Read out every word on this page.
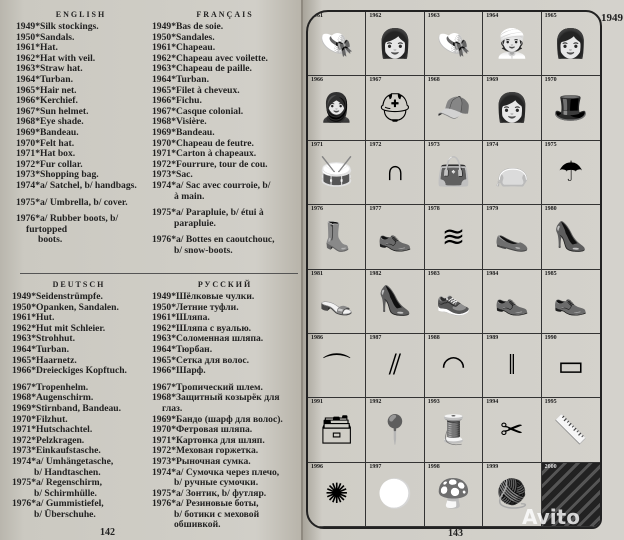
ENGLISH
1949*Silk stockings.
1950*Sandals.
1961*Hat.
1962*Hat with veil.
1963*Straw hat.
1964*Turban.
1965*Hair net.
1966*Kerchief.
1967*Sun helmet.
1968*Eye shade.
1969*Bandeau.
1970*Felt hat.
1971*Hat box.
1972*Fur collar.
1973*Shopping bag.
1974*a/ Satchel, b/ handbags.
1975*a/ Umbrella, b/ cover.
1976*a/ Rubber boots, b/ furtopped
boots.
FRANÇAIS
1949*Bas de soie.
1950*Sandales.
1961*Chapeau.
1962*Chapeau avec voilette.
1963*Chapeau de paille.
1964*Turban.
1965*Filet à cheveux.
1966*Fichu.
1967*Casque colonial.
1968*Visière.
1969*Bandeau.
1970*Chapeau de feutre.
1971*Carton à chapeaux.
1972*Fourrure, tour de cou.
1973*Sac.
1974*a/ Sac avec courroie, b/
à main.
1975*a/ Parapluie, b/ étui à
parapluie.
1976*a/ Bottes en caoutchouc,
b/ snow-boots.
DEUTSCH
1949*Seidenstrümpfe.
1950*Opanken, Sandalen.
1961*Hut.
1962*Hut mit Schleier.
1963*Strohhut.
1964*Turban.
1965*Haarnetz.
1966*Dreieckiges Kopftuch.
1967*Tropenhelm.
1968*Augenschirm.
1969*Stirnband, Bandeau.
1970*Filzhut.
1971*Hutschachtel.
1972*Pelzkragen.
1973*Einkaufstasche.
1974*a/ Umhängetasche,
b/ Handtaschen.
1975*a/ Regenschirm,
b/ Schirmhülle.
1976*a/ Gummistiefel,
b/ Überschuhe.
РУССКИЙ
1949*Шёлковые чулки.
1950*Летние туфли.
1961*Шляпа.
1962*Шляпа с вуалью.
1963*Соломенная шляпа.
1964*Тюрбан.
1965*Сетка для волос.
1966*Шарф.
1967*Тропический шлем.
1968*Защитный козырёк для глаз.
1969*Бандо (шарф для волос).
1970*Фетровая шляпа.
1971*Картонка для шляп.
1972*Меховая горжетка.
1973*Рыночная сумка.
1974*a/ Сумочка через плечо,
b/ ручные сумочки.
1975*a/ Зонтик, b/ футляр.
1976*a/ Резиновые боты,
b/ ботики с меховой
обшивкой.
142
1961
👒
1962
👩
1963
👒
1964
👳
1965
👩
1966
🧕
1967
⛑
1968
🧢
1969
👩
1970
🎩
1971
🥁
1972
∩
1973
👜
1974
👝
1975
☂
1976
👢
1977
👞
1978
≋
1979
🥿
1980
👠
1981
👡
1982
👠
1983
👟
1984
👞
1985
👞
1986
⌒
1987
⫽
1988
◠
1989
‖
1990
▭
1991
🗃
1992
📍
1993
🧵
1994
✂
1995
📏
1996
✺
1997
⚪
1998
🍄
1999
🧶
2000
1949
143
Avito
